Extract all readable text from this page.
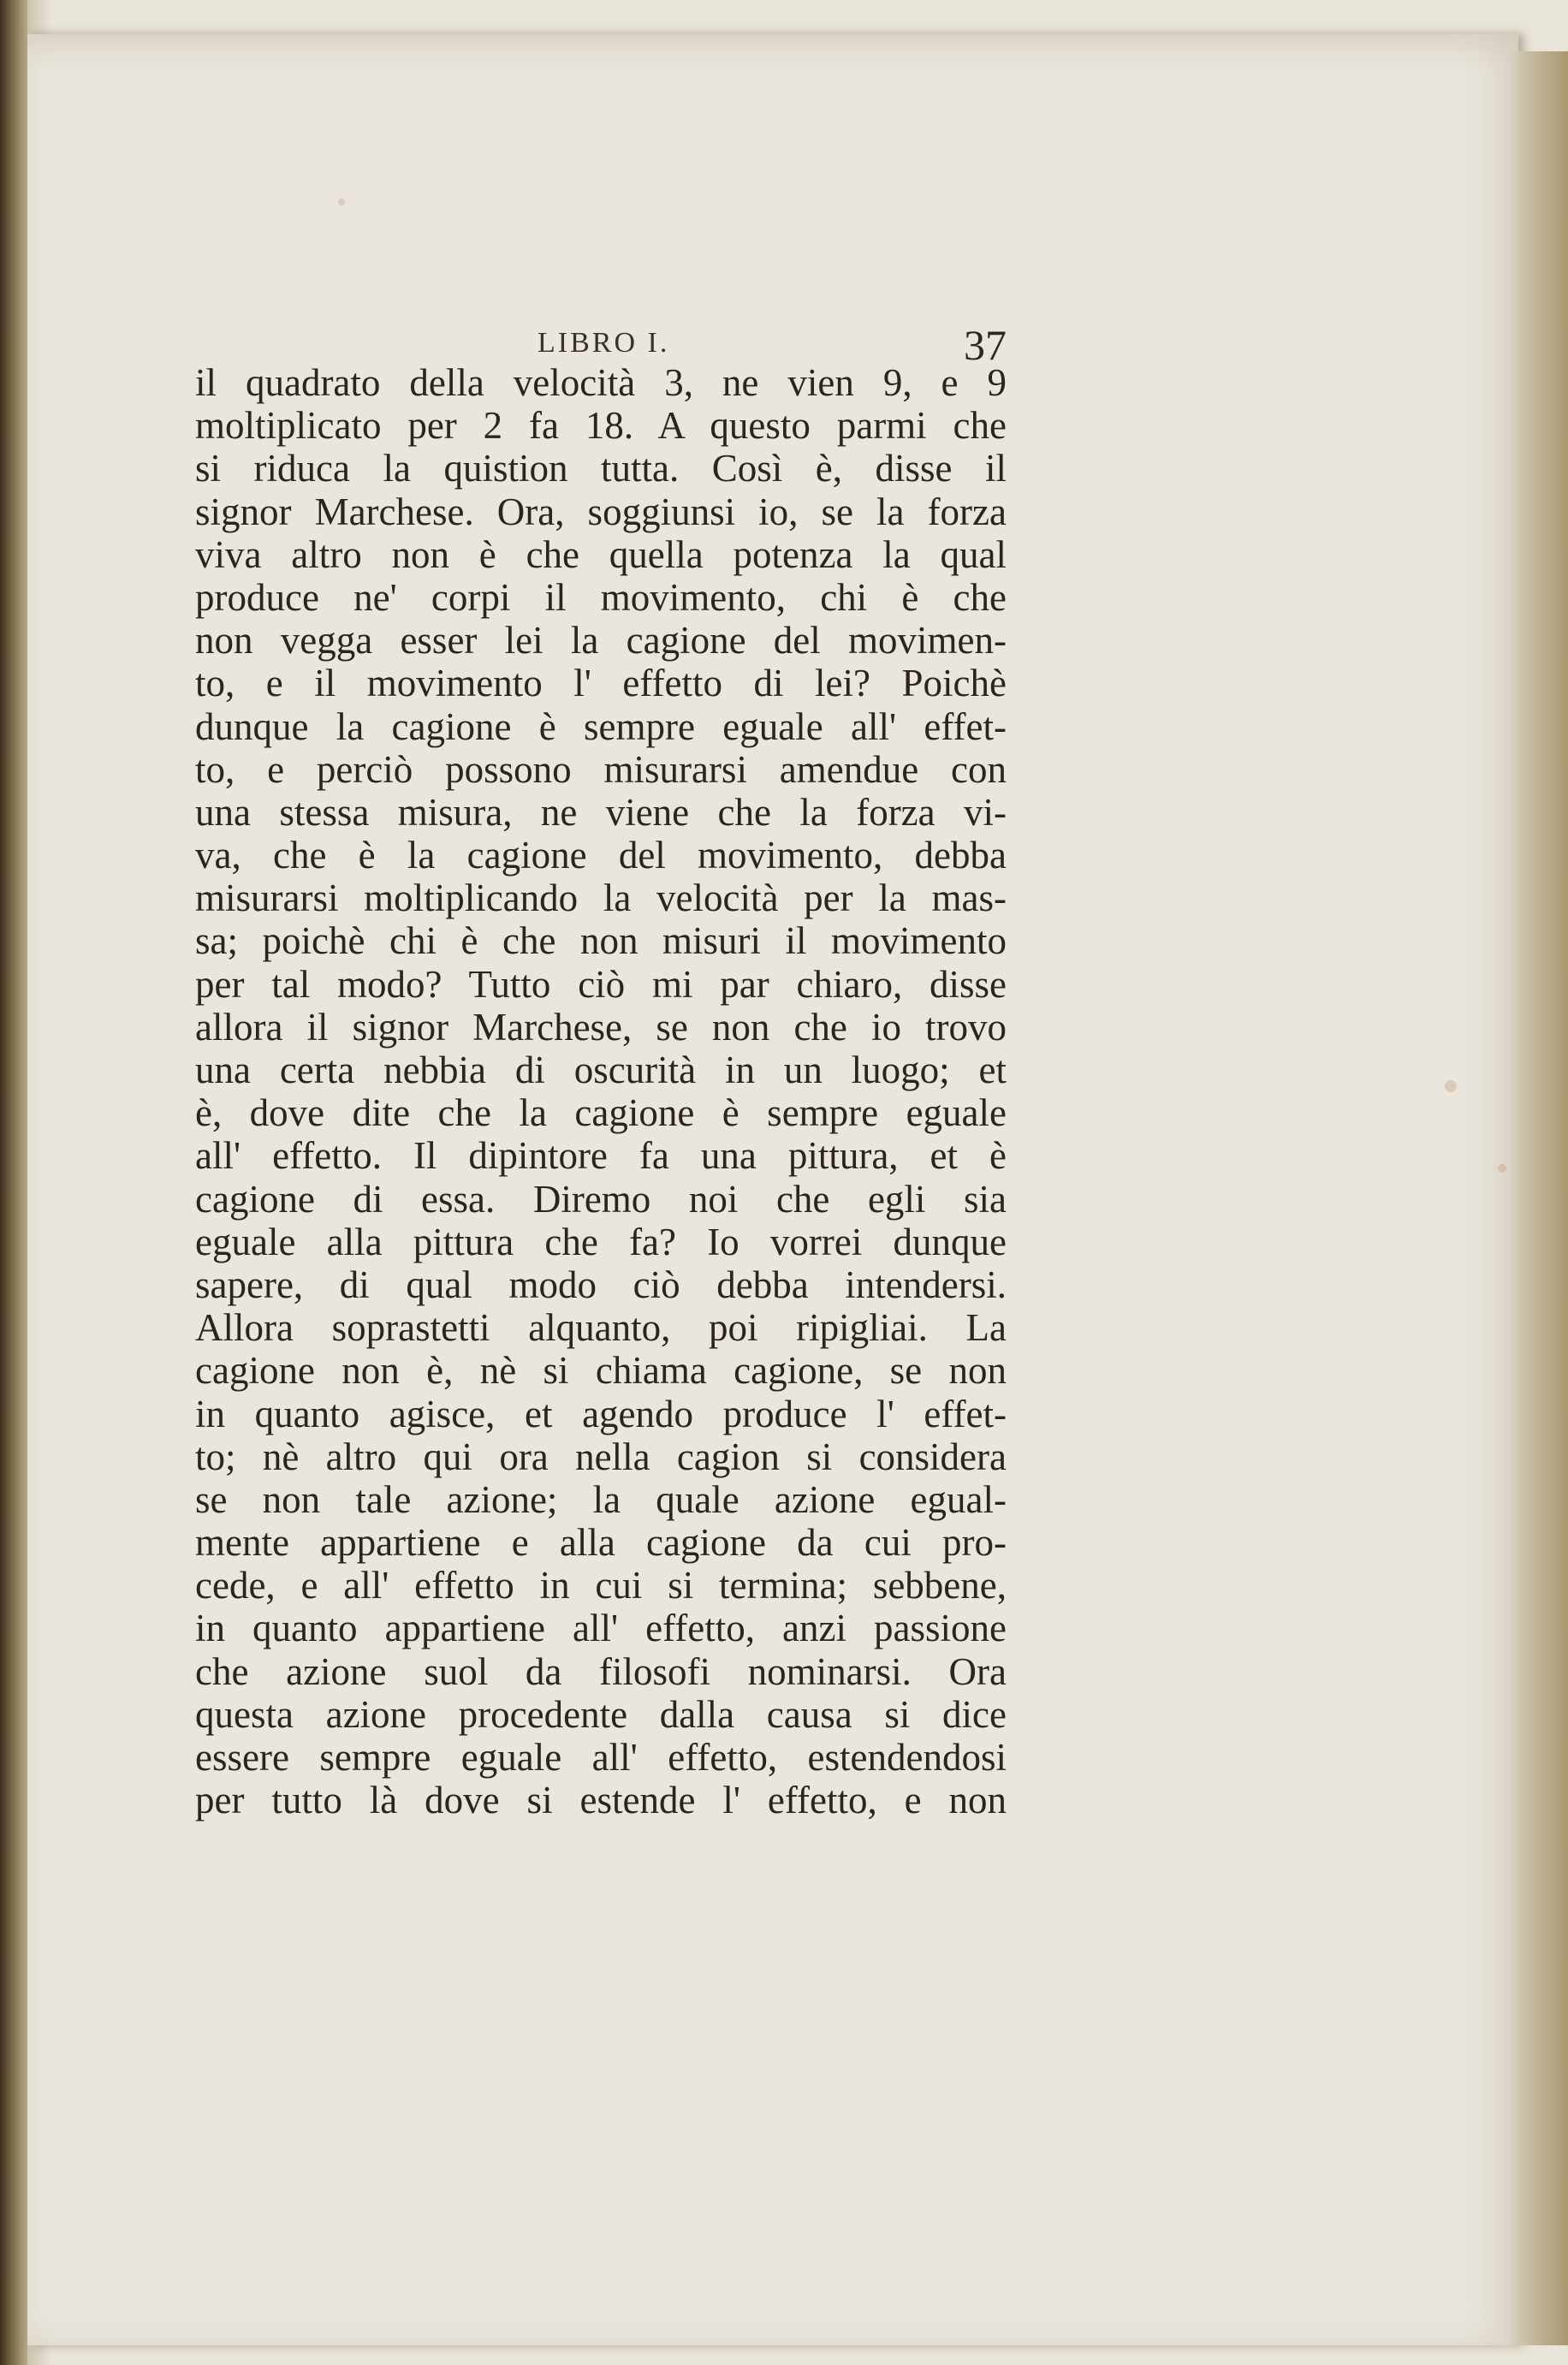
LIBRO I.	37
il quadrato della velocità 3, ne vien 9, e 9
moltiplicato per 2 fa 18. A questo parmi che
si riduca la quistion tutta. Così è, disse il
signor Marchese. Ora, soggiunsi io, se la forza
viva altro non è che quella potenza la qual
produce ne' corpi il movimento, chi è che
non vegga esser lei la cagione del movimen-
to, e il movimento l' effetto di lei? Poichè
dunque la cagione è sempre eguale all' effet-
to, e perciò possono misurarsi amendue con
una stessa misura, ne viene che la forza vi-
va, che è la cagione del movimento, debba
misurarsi moltiplicando la velocità per la mas-
sa; poichè chi è che non misuri il movimento
per tal modo? Tutto ciò mi par chiaro, disse
allora il signor Marchese, se non che io trovo
una certa nebbia di oscurità in un luogo; et
è, dove dite che la cagione è sempre eguale
all' effetto. Il dipintore fa una pittura, et è
cagione di essa. Diremo noi che egli sia
eguale alla pittura che fa? Io vorrei dunque
sapere, di qual modo ciò debba intendersi.
Allora soprastetti alquanto, poi ripigliai. La
cagione non è, nè si chiama cagione, se non
in quanto agisce, et agendo produce l' effet-
to; nè altro qui ora nella cagion si considera
se non tale azione; la quale azione egual-
mente appartiene e alla cagione da cui pro-
cede, e all' effetto in cui si termina; sebbene,
in quanto appartiene all' effetto, anzi passione
che azione suol da filosofi nominarsi. Ora
questa azione procedente dalla causa si dice
essere sempre eguale all' effetto, estendendosi
per tutto là dove si estende l' effetto, e non
